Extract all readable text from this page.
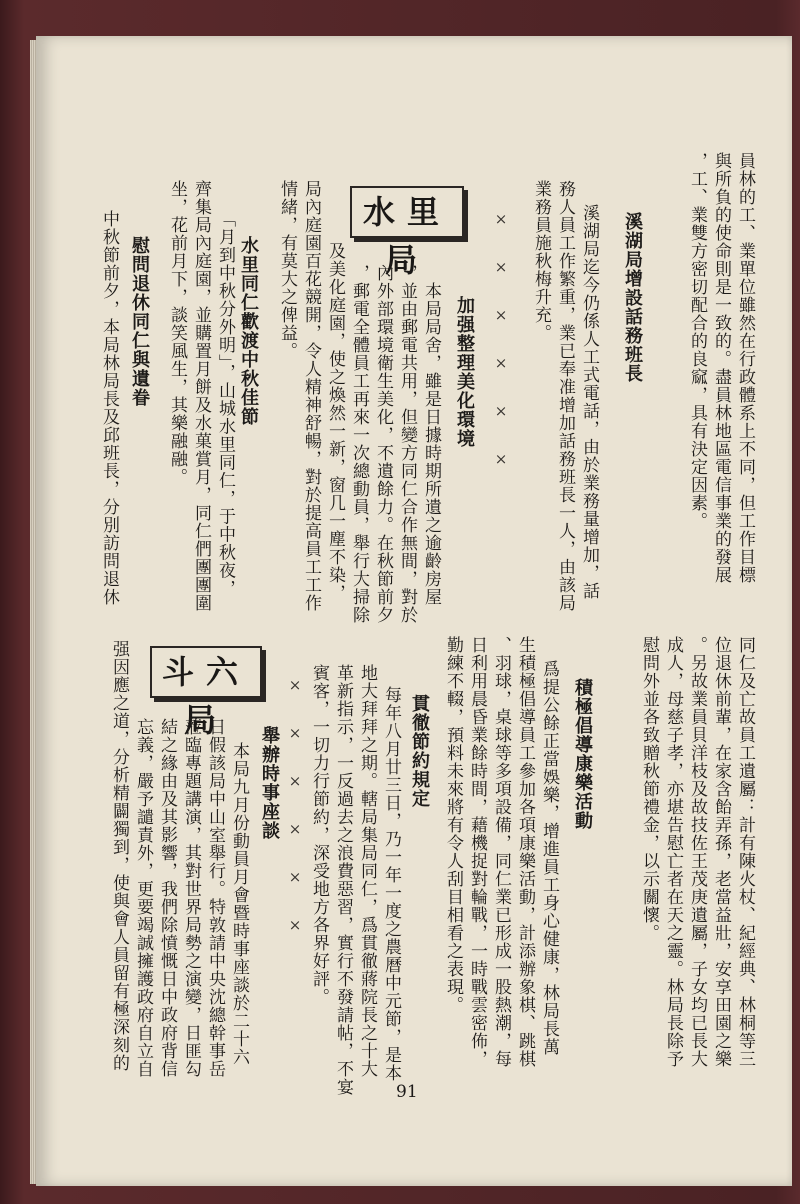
員林的工、業單位雖然在行政體系上不同，但工作目標

與所負的使命則是一致的。盡員林地區電信事業的發展

，工、業雙方密切配合的良窳，具有決定因素。

溪湖局增設話務班長

溪湖局迄今仍係人工式電話，由於業務量增加，話

務人員工作繁重，業已奉准增加話務班長一人，由該局

業務員施秋梅升充。

××××××

水里局

加强整理美化環境

本局局舍，雖是日據時期所遺之逾齡房屋

，並由郵電共用，但變方同仁合作無間，對於

內外部環境衛生美化，不遺餘力。在秋節前夕

，郵電全體員工再來一次總動員，舉行大掃除

及美化庭園，使之煥然一新，窗几一塵不染，

局內庭園百花競開，令人精神舒暢，對於提高員工工作

情緒，有莫大之俾益。

水里同仁歡渡中秋佳節

「月到中秋分外明」，山城水里同仁，于中秋夜，

齊集局內庭園，並購置月餅及水菓賞月，同仁們團團圍

坐，花前月下，談笑風生，其樂融融。

慰問退休同仁與遺眷

中秋節前夕，本局林局長及邱班長，分別訪問退休

同仁及亡故員工遺屬：計有陳火杖、紀經典、林桐等三

位退休前輩，在家含飴弄孫，老當益壯，安享田園之樂

。另故業員貝洋枝及故技佐王茂庚遺屬，子女均已長大

成人，母慈子孝，亦堪告慰亡者在天之靈。林局長除予

慰問外並各致贈秋節禮金，以示關懷。

積極倡導康樂活動

爲提公餘正當娛樂，增進員工身心健康，林局長萬

生積極倡導員工參加各項康樂活動，計添辦象棋、跳棋

、羽球，桌球等多項設備，同仁業已形成一股熱潮，每

日利用晨昏業餘時間，藉機捉對輪戰，一時戰雲密佈，

勤練不輟，預料未來將有令人刮目相看之表現。

貫徹節約規定

每年八月廿三日，乃一年一度之農曆中元節，是本

地大拜拜之期。轄局集局同仁，爲貫徹蔣院長之十大

革新指示，一反過去之浪費惡習，實行不發請帖，不宴

賓客，一切力行節約，深受地方各界好評。

××××××

斗六局

舉辦時事座談

本局九月份動員月會暨時事座談於二十六

日假該局中山室舉行。特敦請中央沈總幹事岳

蒞臨專題講演，其對世界局勢之演變，日匪勾

結之緣由及其影響，我們除憤慨日中政府背信

忘義，嚴予譴責外，更要竭誠擁護政府自立自

强因應之道，分析精闢獨到，使與會人員留有極深刻的

91
